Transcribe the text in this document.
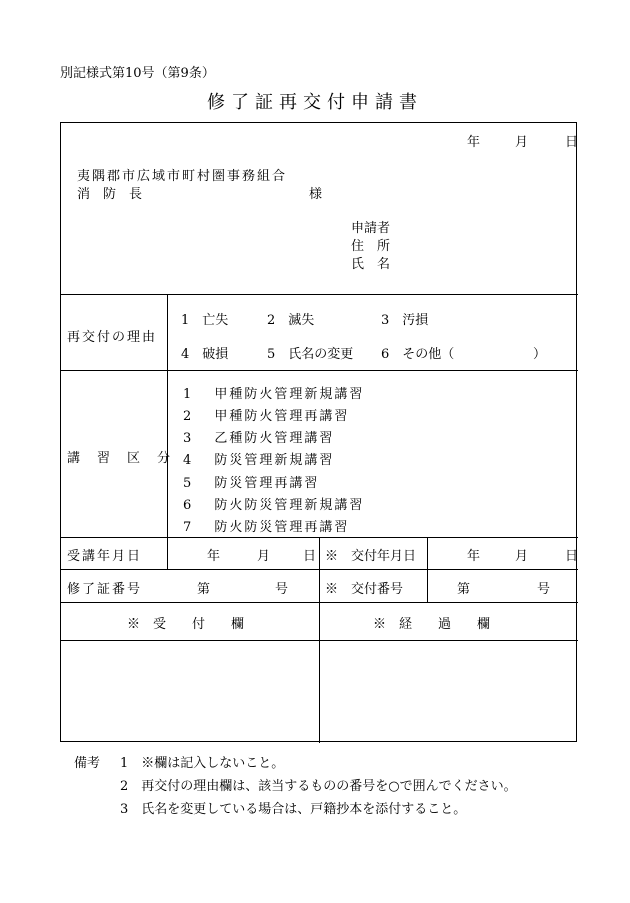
別記様式第10号（第9条）
修了証再交付申請書
年	月	日
夷隅郡市広域市町村圏事務組合
消　防　長	様
申請者
住　所
氏　名
再交付の理由
1　亡失	2　滅失	3　汚損
4　破損	5　氏名の変更 6　その他（	）
講　習　区　分
1　 甲種防火管理新規講習
2　 甲種防火管理再講習
3　 乙種防火管理講習
4　 防災管理新規講習
5　 防災管理再講習
6　 防火防災管理新規講習
7　 防火防災管理再講習
受講年月日	年	月	日 ※　交付年月日	年	月	日
修了証番号	第	号	※　交付番号	第	号
※　受　　付　　欄	※　経　　過　　欄
備考 1　※欄は記入しないこと。
2　再交付の理由欄は、該当するものの番号を○で囲んでください。
3　氏名を変更している場合は、戸籍抄本を添付すること。
